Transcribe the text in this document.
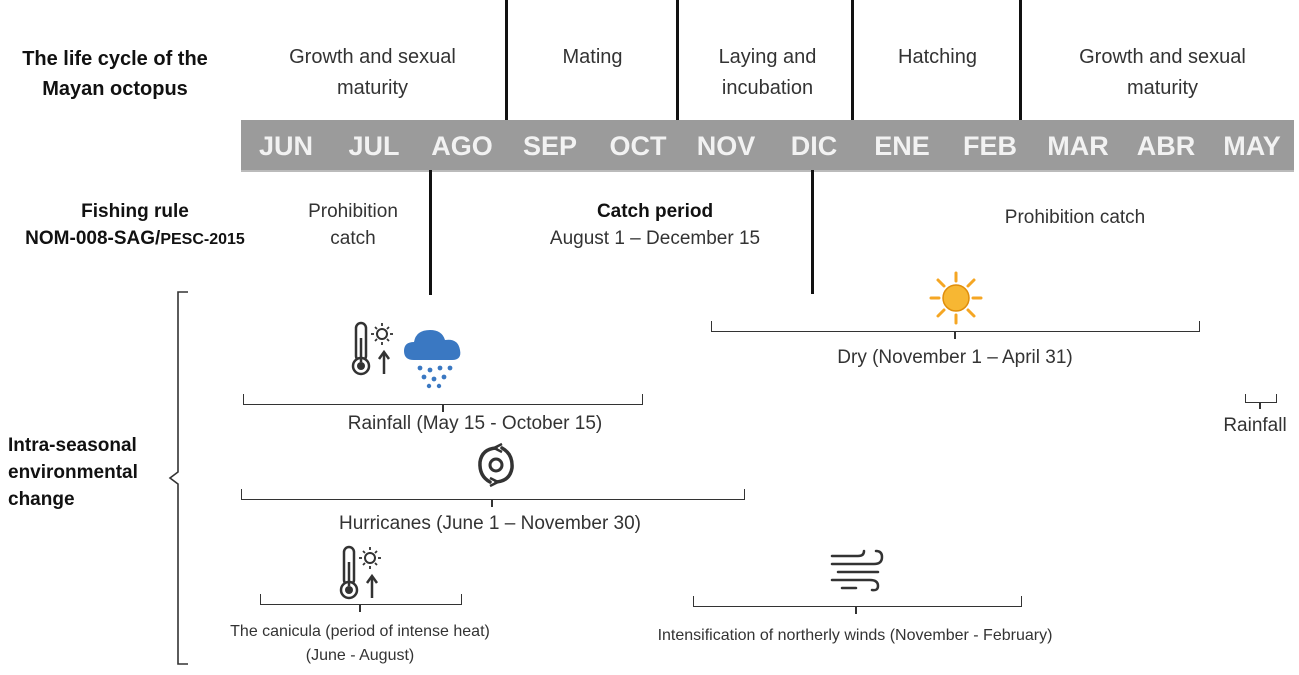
The life cycle of the
Mayan octopus
Growth and sexual
maturity
Mating	Laying and
incubation
Hatching	Growth and sexual
maturity
JUN	JUL	AGO	SEP	OCT	NOV	DIC	ENE	FEB	MAR	ABR	MAY
Fishing rule
NOM-008-SAG/PESC-2015
Prohibition
catch
Catch period
August 1 – December 15
Prohibition catch
Intra-seasonal
environmental
change
Dry (November 1 – April 31)
Rainfall (May 15 - October 15)	Rainfall
Hurricanes (June 1 – November 30)
The canicula (period of intense heat)
(June - August)
Intensification of northerly winds (November - February)
